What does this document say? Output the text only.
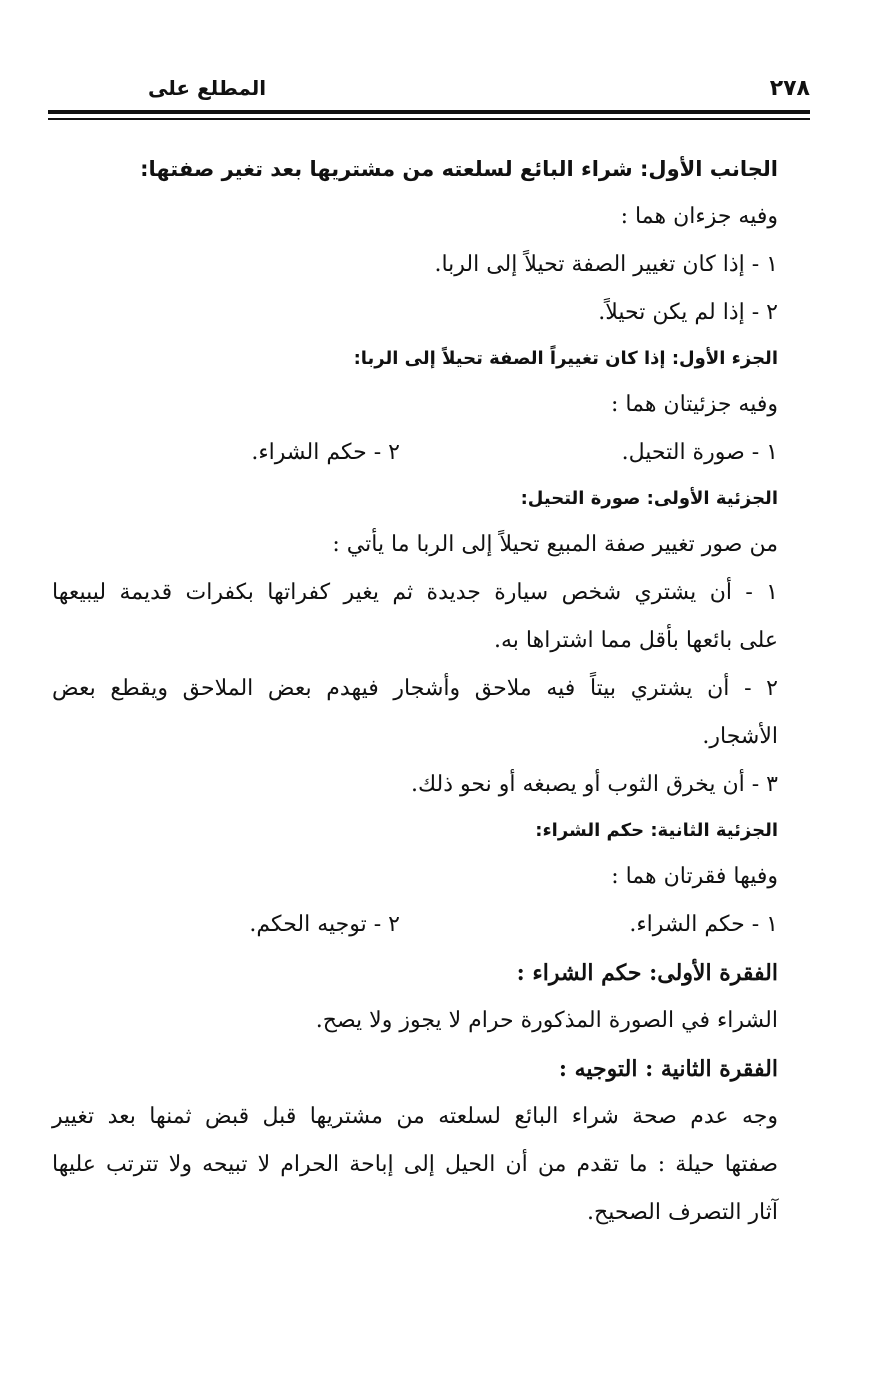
٢٧٨
المطلع على
الجانب الأول: شراء البائع لسلعته من مشتريها بعد تغير صفتها:
وفيه جزءان هما :
١ - إذا كان تغيير الصفة تحيلاً إلى الربا.
٢ - إذا لم يكن تحيلاً.
الجزء الأول: إذا كان تغييراً الصفة تحيلاً إلى الربا:
وفيه جزئيتان هما :
١ - صورة التحيل.
٢ - حكم الشراء.
الجزئية الأولى: صورة التحيل:
من صور تغيير صفة المبيع تحيلاً إلى الربا ما يأتي :
١ - أن يشتري شخص سيارة جديدة ثم يغير كفراتها بكفرات قديمة ليبيعها
على بائعها بأقل مما اشتراها به.
٢ - أن يشتري بيتاً فيه ملاحق وأشجار فيهدم بعض الملاحق ويقطع بعض
الأشجار.
٣ - أن يخرق الثوب أو يصبغه أو نحو ذلك.
الجزئية الثانية: حكم الشراء:
وفيها فقرتان هما :
١ - حكم الشراء.
٢ - توجيه الحكم.
الفقرة الأولى: حكم الشراء :
الشراء في الصورة المذكورة حرام لا يجوز ولا يصح.
الفقرة الثانية : التوجيه :
وجه عدم صحة شراء البائع لسلعته من مشتريها قبل قبض ثمنها بعد تغيير
صفتها حيلة : ما تقدم من أن الحيل إلى إباحة الحرام لا تبيحه ولا تترتب عليها
آثار التصرف الصحيح.
